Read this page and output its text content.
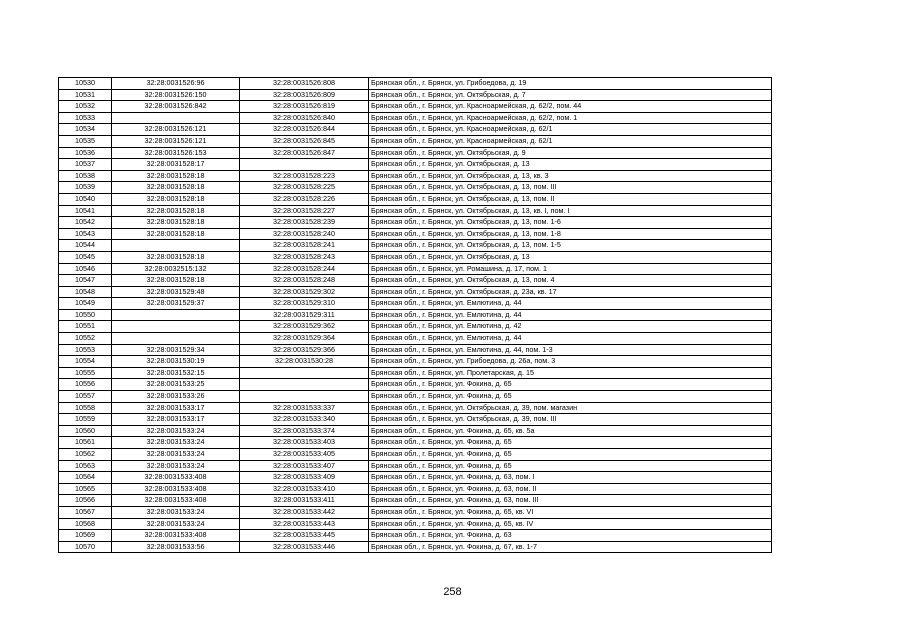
10530	32:28:0031526:96	32:28:0031526:808	Брянская обл., г. Брянск, ул. Грибоедова, д. 19
10531	32:28:0031526:150	32:28:0031526:809	Брянская обл., г. Брянск, ул. Октябрьская, д. 7
10532	32:28:0031526:842	32:28:0031526:819	Брянская обл., г. Брянск, ул. Красноармейская, д. 62/2, пом. 44
10533		32:28:0031526:840	Брянская обл., г. Брянск, ул. Красноармейская, д. 62/2, пом. 1
10534	32:28:0031526:121	32:28:0031526:844	Брянская обл., г. Брянск, ул. Красноармейская, д. 62/1
10535	32:28:0031526:121	32:28:0031526:845	Брянская обл., г. Брянск, ул. Красноармейская, д. 62/1
10536	32:28:0031526:153	32:28:0031526:847	Брянская обл., г. Брянск, ул. Октябрьская, д. 9
10537	32:28:0031528:17		Брянская обл., г. Брянск, ул. Октябрьская, д. 13
10538	32:28:0031528:18	32:28:0031528:223	Брянская обл., г. Брянск, ул. Октябрьская, д. 13, кв. 3
10539	32:28:0031528:18	32:28:0031528:225	Брянская обл., г. Брянск, ул. Октябрьская, д. 13, пом. III
10540	32:28:0031528:18	32:28:0031528:226	Брянская обл., г. Брянск, ул. Октябрьская, д. 13, пом. II
10541	32:28:0031528:18	32:28:0031528:227	Брянская обл., г. Брянск, ул. Октябрьская, д. 13, кв. I, пом. I
10542	32:28:0031528:18	32:28:0031528:239	Брянская обл., г. Брянск, ул. Октябрьская, д. 13, пом. 1-6
10543	32:28:0031528:18	32:28:0031528:240	Брянская обл., г. Брянск, ул. Октябрьская, д. 13, пом. 1-8
10544		32:28:0031528:241	Брянская обл., г. Брянск, ул. Октябрьская, д. 13, пом. 1-5
10545	32:28:0031528:18	32:28:0031528:243	Брянская обл., г. Брянск, ул. Октябрьская, д. 13
10546	32:28:0032515:132	32:28:0031528:244	Брянская обл., г. Брянск, ул. Ромашина, д. 17, пом. 1
10547	32:28:0031528:18	32:28:0031528:248	Брянская обл., г. Брянск, ул. Октябрьская, д. 13, пом. 4
10548	32:28:0031529:48	32:28:0031529:302	Брянская обл., г. Брянск, ул. Октябрьская, д. 23а, кв. 17
10549	32:28:0031529:37	32:28:0031529:310	Брянская обл., г. Брянск, ул. Емлютина, д. 44
10550		32:28:0031529:311	Брянская обл., г. Брянск, ул. Емлютина, д. 44
10551		32:28:0031529:362	Брянская обл., г. Брянск, ул. Емлютина, д. 42
10552		32:28:0031529:364	Брянская обл., г. Брянск, ул. Емлютина, д. 44
10553	32:28:0031529:34	32:28:0031529:366	Брянская обл., г. Брянск, ул. Емлютина, д. 44, пом. 1-3
10554	32:28:0031530:19	32:28:0031530:28	Брянская обл., г. Брянск, ул. Грибоедова, д. 26а, пом. 3
10555	32:28:0031532:15		Брянская обл., г. Брянск, ул. Пролетарская, д. 15
10556	32:28:0031533:25		Брянская обл., г. Брянск, ул. Фокина, д. 65
10557	32:28:0031533:26		Брянская обл., г. Брянск, ул. Фокина, д. 65
10558	32:28:0031533:17	32:28:0031533:337	Брянская обл., г. Брянск, ул. Октябрьская, д. 39, пом. магазин
10559	32:28:0031533:17	32:28:0031533:340	Брянская обл., г. Брянск, ул. Октябрьская, д. 39, пом. III
10560	32:28:0031533:24	32:28:0031533:374	Брянская обл., г. Брянск, ул. Фокина, д. 65, кв. 5а
10561	32:28:0031533:24	32:28:0031533:403	Брянская обл., г. Брянск, ул. Фокина, д. 65
10562	32:28:0031533:24	32:28:0031533:405	Брянская обл., г. Брянск, ул. Фокина, д. 65
10563	32:28:0031533:24	32:28:0031533:407	Брянская обл., г. Брянск, ул. Фокина, д. 65
10564	32:28:0031533:408	32:28:0031533:409	Брянская обл., г. Брянск, ул. Фокина, д. 63, пом. I
10565	32:28:0031533:408	32:28:0031533:410	Брянская обл., г. Брянск, ул. Фокина, д. 63, пом. II
10566	32:28:0031533:408	32:28:0031533:411	Брянская обл., г. Брянск, ул. Фокина, д. 63, пом. III
10567	32:28:0031533:24	32:28:0031533:442	Брянская обл., г. Брянск, ул. Фокина, д. 65, кв. VI
10568	32:28:0031533:24	32:28:0031533:443	Брянская обл., г. Брянск, ул. Фокина, д. 65, кв. IV
10569	32:28:0031533:408	32:28:0031533:445	Брянская обл., г. Брянск, ул. Фокина, д. 63
10570	32:28:0031533:56	32:28:0031533:446	Брянская обл., г. Брянск, ул. Фокина, д. 67, кв. 1-7
258
